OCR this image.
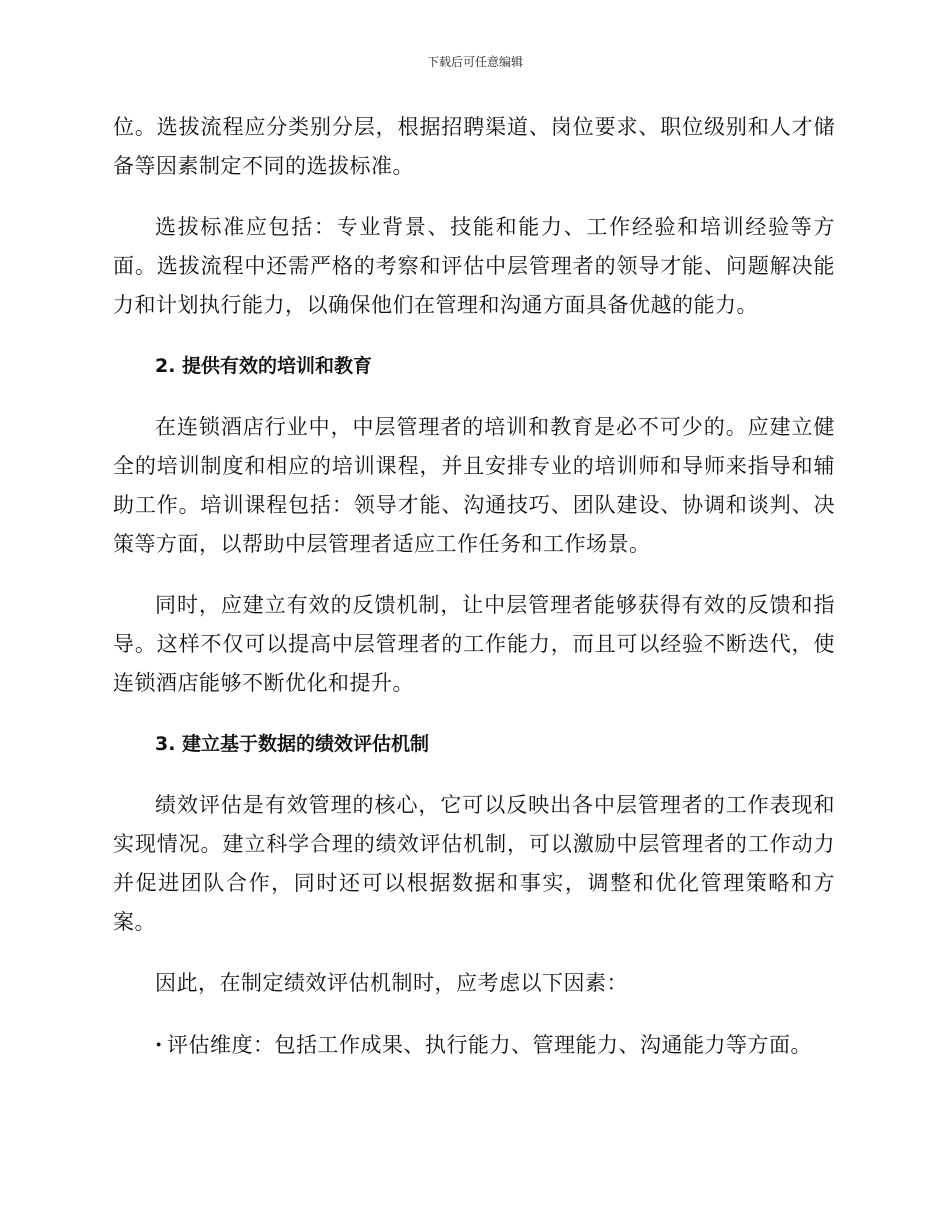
下载后可任意编辑

位。选拔流程应分类别分层，根据招聘渠道、岗位要求、职位级别和人才储备等因素制定不同的选拔标准。

选拔标准应包括：专业背景、技能和能力、工作经验和培训经验等方面。选拔流程中还需严格的考察和评估中层管理者的领导才能、问题解决能力和计划执行能力，以确保他们在管理和沟通方面具备优越的能力。

2. 提供有效的培训和教育

在连锁酒店行业中，中层管理者的培训和教育是必不可少的。应建立健全的培训制度和相应的培训课程，并且安排专业的培训师和导师来指导和辅助工作。培训课程包括：领导才能、沟通技巧、团队建设、协调和谈判、决策等方面，以帮助中层管理者适应工作任务和工作场景。

同时，应建立有效的反馈机制，让中层管理者能够获得有效的反馈和指导。这样不仅可以提高中层管理者的工作能力，而且可以经验不断迭代，使连锁酒店能够不断优化和提升。

3. 建立基于数据的绩效评估机制

绩效评估是有效管理的核心，它可以反映出各中层管理者的工作表现和实现情况。建立科学合理的绩效评估机制，可以激励中层管理者的工作动力并促进团队合作，同时还可以根据数据和事实，调整和优化管理策略和方案。

因此，在制定绩效评估机制时，应考虑以下因素：

· 评估维度：包括工作成果、执行能力、管理能力、沟通能力等方面。
